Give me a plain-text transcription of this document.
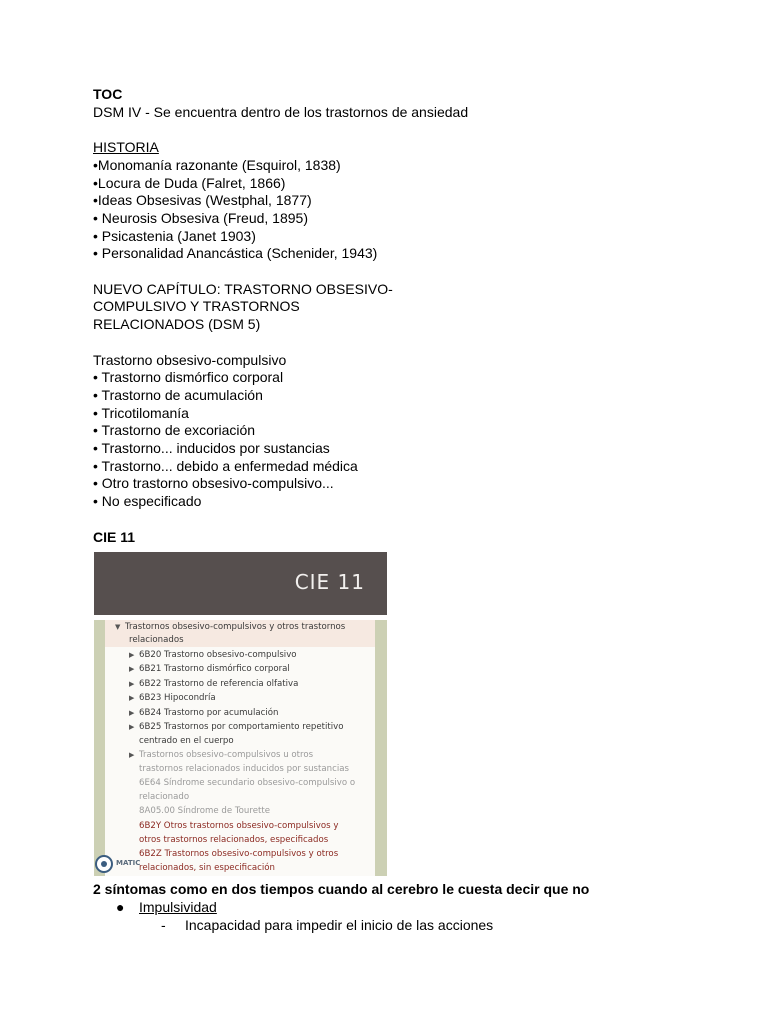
TOC
DSM IV - Se encuentra dentro de los trastornos de ansiedad
HISTORIA
•Monomanía razonante (Esquirol, 1838)
•Locura de Duda (Falret, 1866)
•Ideas Obsesivas (Westphal, 1877)
• Neurosis Obsesiva (Freud, 1895)
• Psicastenia (Janet 1903)
• Personalidad Anancástica (Schenider, 1943)
NUEVO CAPÍTULO: TRASTORNO OBSESIVO-
COMPULSIVO Y TRASTORNOS
RELACIONADOS (DSM 5)
Trastorno obsesivo-compulsivo
• Trastorno dismórfico corporal
• Trastorno de acumulación
• Tricotilomanía
• Trastorno de excoriación
• Trastorno... inducidos por sustancias
• Trastorno... debido a enfermedad médica
• Otro trastorno obsesivo-compulsivo...
• No especificado
CIE 11
CIE 11
▼ Trastornos obsesivo-compulsivos y otros trastornos
relacionados
▶ 6B20 Trastorno obsesivo-compulsivo
▶ 6B21 Trastorno dismórfico corporal
▶ 6B22 Trastorno de referencia olfativa
▶ 6B23 Hipocondría
▶ 6B24 Trastorno por acumulación
▶ 6B25 Trastornos por comportamiento repetitivo
centrado en el cuerpo
▶ Trastornos obsesivo-compulsivos u otros
trastornos relacionados inducidos por sustancias
6E64 Síndrome secundario obsesivo-compulsivo o
relacionado
8A05.00 Síndrome de Tourette
6B2Y Otros trastornos obsesivo-compulsivos y
otros trastornos relacionados, especificados
6B2Z Trastornos obsesivo-compulsivos y otros
relacionados, sin especificación
MATIC
2 síntomas como en dos tiempos cuando al cerebro le cuesta decir que no
● Impulsividad
- Incapacidad para impedir el inicio de las acciones
